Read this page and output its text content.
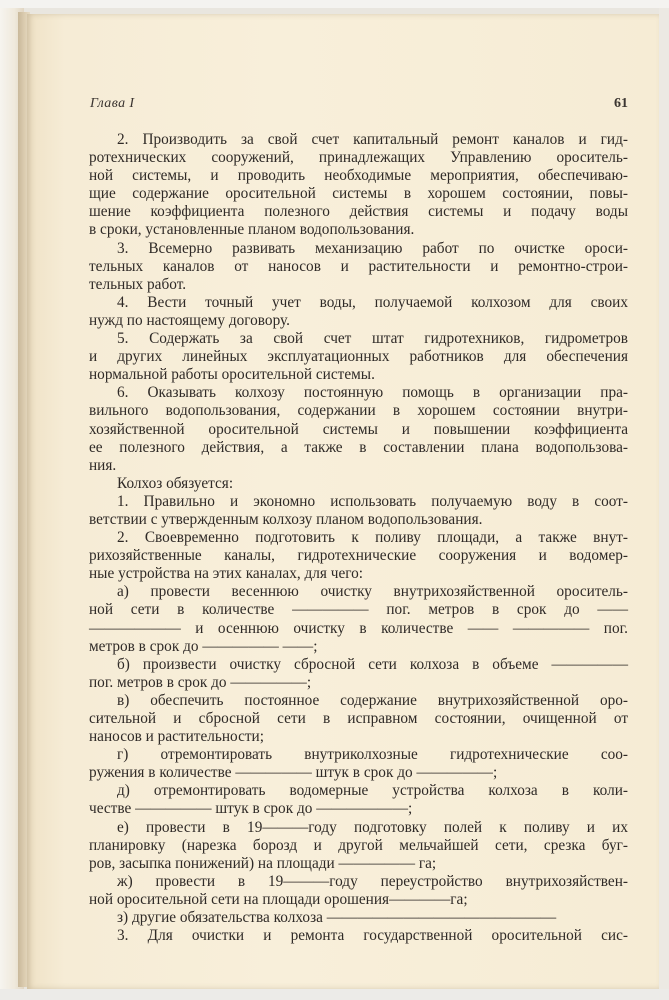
Глава I	61
2. Производить за свой счет капитальный ремонт каналов и гид-
ротехнических сооружений, принадлежащих Управлению ороситель-
ной системы, и проводить необходимые мероприятия, обеспечиваю-
щие содержание оросительной системы в хорошем состоянии, повы-
шение коэффициента полезного действия системы и подачу воды
в сроки, установленные планом водопользования.
3. Всемерно развивать механизацию работ по очистке ороси-
тельных каналов от наносов и растительности и ремонтно-строи-
тельных работ.
4. Вести точный учет воды, получаемой колхозом для своих
нужд по настоящему договору.
5. Содержать за свой счет штат гидротехников, гидрометров
и других линейных эксплуатационных работников для обеспечения
нормальной работы оросительной системы.
6. Оказывать колхозу постоянную помощь в организации пра-
вильного водопользования, содержании в хорошем состоянии внутри-
хозяйственной оросительной системы и повышении коэффициента
ее полезного действия, а также в составлении плана водопользова-
ния.
Колхоз обязуется:
1. Правильно и экономно использовать получаемую воду в соот-
ветствии с утвержденным колхозу планом водопользования.
2. Своевременно подготовить к поливу площади, а также внут-
рихозяйственные каналы, гидротехнические сооружения и водомер-
ные устройства на этих каналах, для чего:
а) провести весеннюю очистку внутрихозяйственной ороситель-
ной сети в количестве ————— пог. метров в срок до ——
—————— и осеннюю очистку в количестве —— ————— пог.
метров в срок до ————— ——;
б) произвести очистку сбросной сети колхоза в объеме —————
пог. метров в срок до —————;
в) обеспечить постоянное содержание внутрихозяйственной оро-
сительной и сбросной сети в исправном состоянии, очищенной от
наносов и растительности;
г) отремонтировать внутриколхозные гидротехнические соо-
ружения в количестве ————— штук в срок до —————;
д) отремонтировать водомерные устройства колхоза в коли-
честве ————— штук в срок до ——————;
е) провести в 19———году подготовку полей к поливу и их
планировку (нарезка борозд и другой мельчайшей сети, срезка буг-
ров, засыпка понижений) на площади ————— га;
ж) провести в 19———году переустройство внутрихозяйствен-
ной оросительной сети на площади орошения————га;
з) другие обязательства колхоза ———————————————
3. Для очистки и ремонта государственной оросительной сис-
